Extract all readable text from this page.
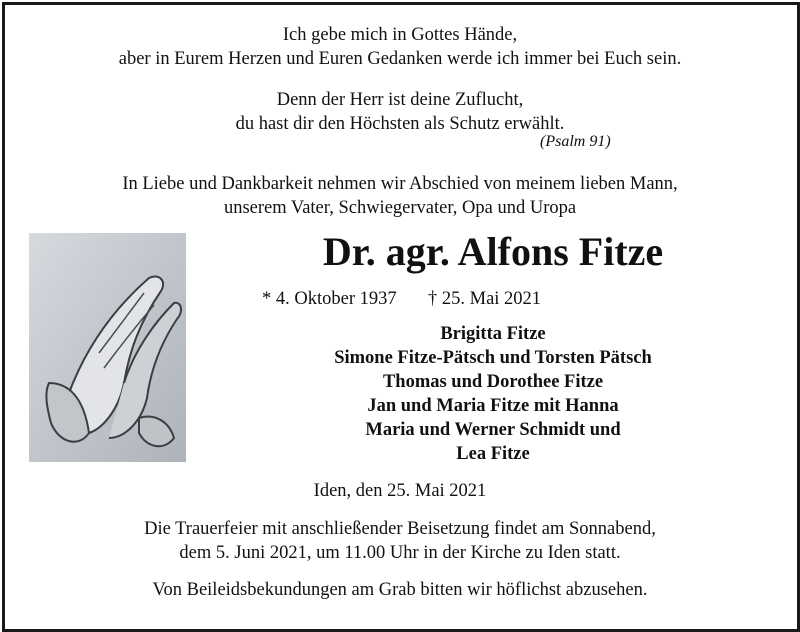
Ich gebe mich in Gottes Hände,
aber in Eurem Herzen und Euren Gedanken werde ich immer bei Euch sein.
Denn der Herr ist deine Zuflucht,
du hast dir den Höchsten als Schutz erwählt.
(Psalm 91)
In Liebe und Dankbarkeit nehmen wir Abschied von meinem lieben Mann,
unserem Vater, Schwiegervater, Opa und Uropa
Dr. agr. Alfons Fitze
* 4. Oktober 1937 † 25. Mai 2021
Brigitta Fitze
Simone Fitze-Pätsch und Torsten Pätsch
Thomas und Dorothee Fitze
Jan und Maria Fitze mit Hanna
Maria und Werner Schmidt und
Lea Fitze
Iden, den 25. Mai 2021
Die Trauerfeier mit anschließender Beisetzung findet am Sonnabend,
dem 5. Juni 2021, um 11.00 Uhr in der Kirche zu Iden statt.
Von Beileidsbekundungen am Grab bitten wir höflichst abzusehen.
